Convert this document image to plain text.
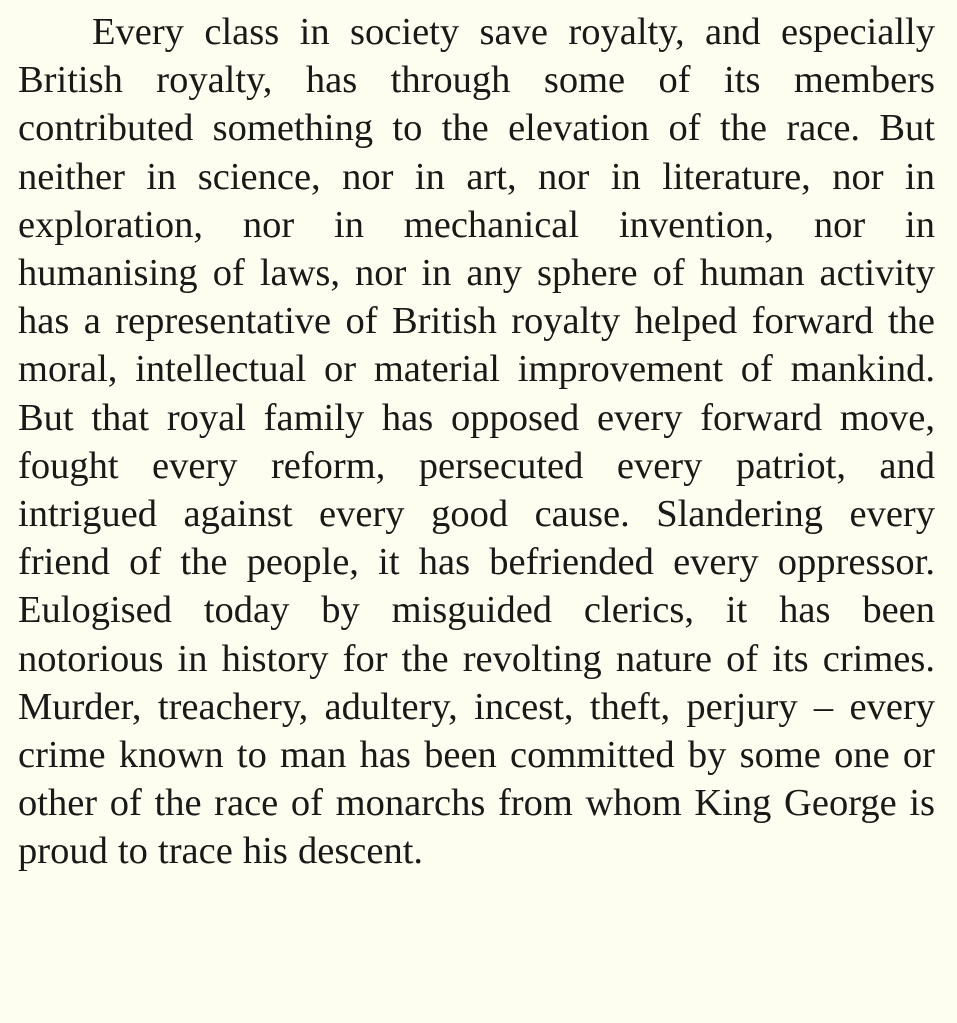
Every class in society save royalty, and especially British royalty, has through some of its members contributed something to the elevation of the race. But neither in science, nor in art, nor in literature, nor in exploration, nor in mechanical invention, nor in humanising of laws, nor in any sphere of human activity has a representative of British royalty helped forward the moral, intellectual or material improvement of mankind. But that royal family has opposed every forward move, fought every reform, persecuted every patriot, and intrigued against every good cause. Slandering every friend of the people, it has befriended every oppressor. Eulogised today by misguided clerics, it has been notorious in history for the revolting nature of its crimes. Murder, treachery, adultery, incest, theft, perjury – every crime known to man has been committed by some one or other of the race of monarchs from whom King George is proud to trace his descent.
